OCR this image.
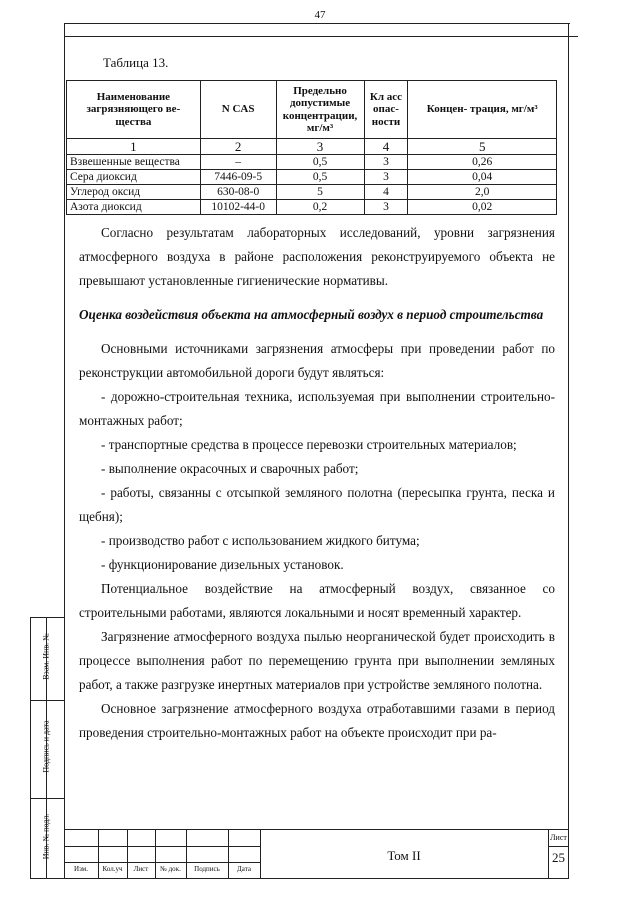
47
Взам. Инв. №
Подпись и дата
Инв. № подл.
Таблица 13.
Наименование загрязняющего ве- щества	N CAS	Предельно допустимые концентрации, мг/м³	Кл асс опас- ности	Концен- трация, мг/м³
1	2	3	4	5
Взвешенные вещества	–	0,5	3	0,26
Сера диоксид	7446-09-5	0,5	3	0,04
Углерод оксид	630-08-0	5	4	2,0
Азота диоксид	10102-44-0	0,2	3	0,02

Согласно результатам лабораторных исследований, уровни загрязнения атмосферного воздуха в районе расположения реконструируемого объекта не превышают установленные гигиенические нормативы.

Оценка воздействия объекта на атмосферный воздух в период строительства

Основными источниками загрязнения атмосферы при проведении работ по реконструкции автомобильной дороги будут являться:

- дорожно-строительная техника, используемая при выполнении строительно-монтажных работ;

- транспортные средства в процессе перевозки строительных материалов;

- выполнение окрасочных и сварочных работ;

- работы, связанны с отсыпкой земляного полотна (пересыпка грунта, песка и щебня);

- производство работ с использованием жидкого битума;

- функционирование дизельных установок.

Потенциальное воздействие на атмосферный воздух, связанное со строительными работами, являются локальными и носят временный характер.

Загрязнение атмосферного воздуха пылью неорганической будет происходить в процессе выполнения работ по перемещению грунта при выполнении земляных работ, а также разгрузке инертных материалов при устройстве земляного полотна.

Основное загрязнение атмосферного воздуха отработавшими газами в период проведения строительно-монтажных работ на объекте происходит при ра-

Изм.	Кол.уч	Лист	№ док.	Подпись	Дата
Том II
Лист
25
